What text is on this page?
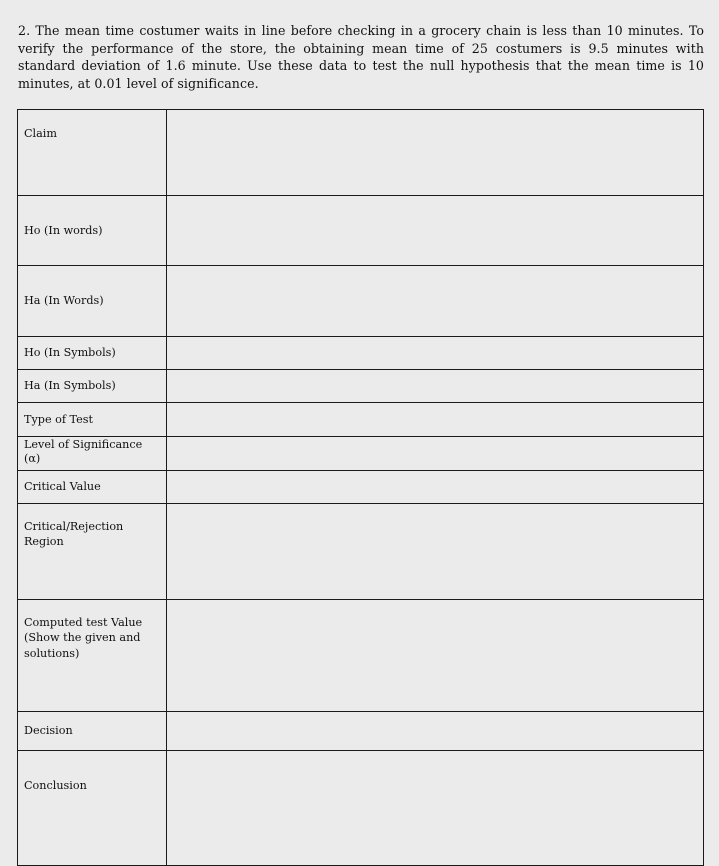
2. The mean time costumer waits in line before checking in a grocery chain is less than 10 minutes. To verify the performance of the store, the obtaining mean time of 25 costumers is 9.5 minutes with standard deviation of 1.6 minute. Use these data to test the null hypothesis that the mean time is 10 minutes, at 0.01 level of significance.
Claim	
Ho (In words)	
Ha (In Words)	
Ho (In Symbols)	
Ha (In Symbols)	
Type of Test	
Level of Significance (α)	
Critical Value	
Critical/Rejection Region	
Computed test Value (Show the given and solutions)	
Decision	
Conclusion	
